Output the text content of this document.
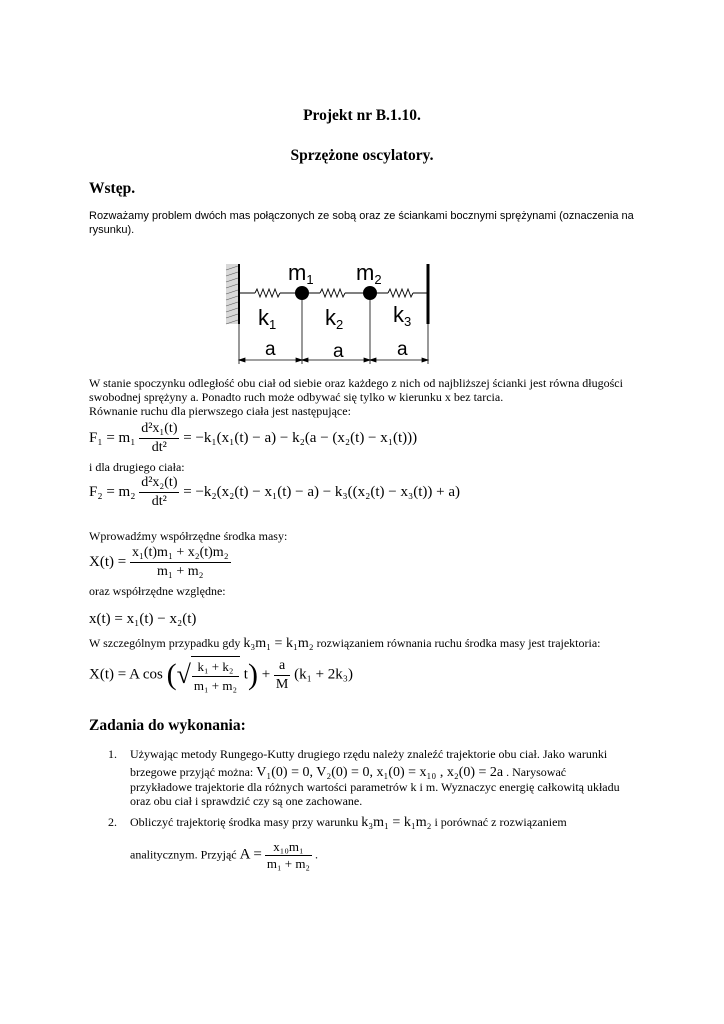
Projekt nr B.1.10.
Sprzężone oscylatory.
Wstęp.
Rozważamy problem dwóch mas połączonych ze sobą oraz ze ściankami bocznymi sprężynami (oznaczenia na rysunku).
m1 m2
k1 k2 k3
a	a	a
W stanie spoczynku odległość obu ciał od siebie oraz każdego z nich od najbliższej ścianki jest równa długości
swobodnej sprężyny a. Ponadto ruch może odbywać się tylko w kierunku x bez tarcia.
Równanie ruchu dla pierwszego ciała jest następujące:
$F_1 = m_1 \frac{\text{d²x₁(t)}}{\text{dt²}} = -k_1(x_1(t) - a) - k_2(a - (x_2(t) - x_1(t)))$
i dla drugiego ciała:
$F_2 = m_2 \frac{\text{d²x₂(t)}}{\text{dt²}} = -k_2(x_2(t) - x_1(t) - a) - k_3((x_2(t) - x_3(t)) + a)$
Wprowadźmy współrzędne środka masy:
$X(t) = \frac{\text{x₁(t)m₁ + x₂(t)m₂}}{\text{m₁ + m₂}}$
oraz współrzędne względne:
x(t) = x₁(t) − x₂(t)
W szczególnym przypadku gdy k₃m₁ = k₁m₂ rozwiązaniem równania ruchu środka masy jest trajektoria:
X(t) = A cos (√ $\frac{\text{k₁ + k₂}}{\text{m₁ + m₂}} t) + \frac{a}{M} (k_1 + 2k_3)$
Zadania do wykonania:
1. Używając metody Rungego-Kutty drugiego rzędu należy znaleźć trajektorie obu ciał. Jako warunki
brzegowe przyjąć można: V₁(0) = 0, V₂(0) = 0, x₁(0) = x₁₀ , x₂(0) = 2a . Narysować
przykładowe trajektorie dla różnych wartości parametrów k i m. Wyznaczyc energię całkowitą układu
oraz obu ciał i sprawdzić czy są one zachowane.
2. Obliczyć trajektorię środka masy przy warunku k₃m₁ = k₁m₂ i porównać z rozwiązaniem
analitycznym. Przyjąć $A = \frac{\text{x₁₀m₁}}{\text{m₁ + m₂}}$ .
